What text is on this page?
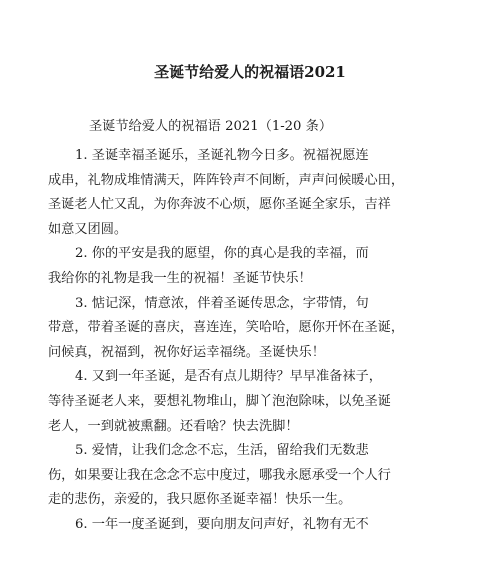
圣诞节给爱人的祝福语2021
圣诞节给爱人的祝福语 2021（1-20 条）
1. 圣诞幸福圣诞乐，圣诞礼物今日多。祝福祝愿连
成串，礼物成堆情满天，阵阵铃声不间断，声声问候暖心田，
圣诞老人忙又乱，为你奔波不心烦，愿你圣诞全家乐，吉祥
如意又团圆。
2. 你的平安是我的愿望，你的真心是我的幸福，而
我给你的礼物是我一生的祝福！圣诞节快乐！
3. 惦记深，情意浓，伴着圣诞传思念，字带情，句
带意，带着圣诞的喜庆，喜连连，笑哈哈，愿你开怀在圣诞，
问候真，祝福到，祝你好运幸福绕。圣诞快乐！
4. 又到一年圣诞，是否有点儿期待？早早准备袜子，
等待圣诞老人来，要想礼物堆山，脚丫泡泡除味，以免圣诞
老人，一到就被熏翻。还看啥？快去洗脚！
5. 爱情，让我们念念不忘，生活，留给我们无数悲
伤，如果要让我在念念不忘中度过，哪我永愿承受一个人行
走的悲伤，亲爱的，我只愿你圣诞幸福！快乐一生。
6. 一年一度圣诞到，要向朋友问声好，礼物有无不
